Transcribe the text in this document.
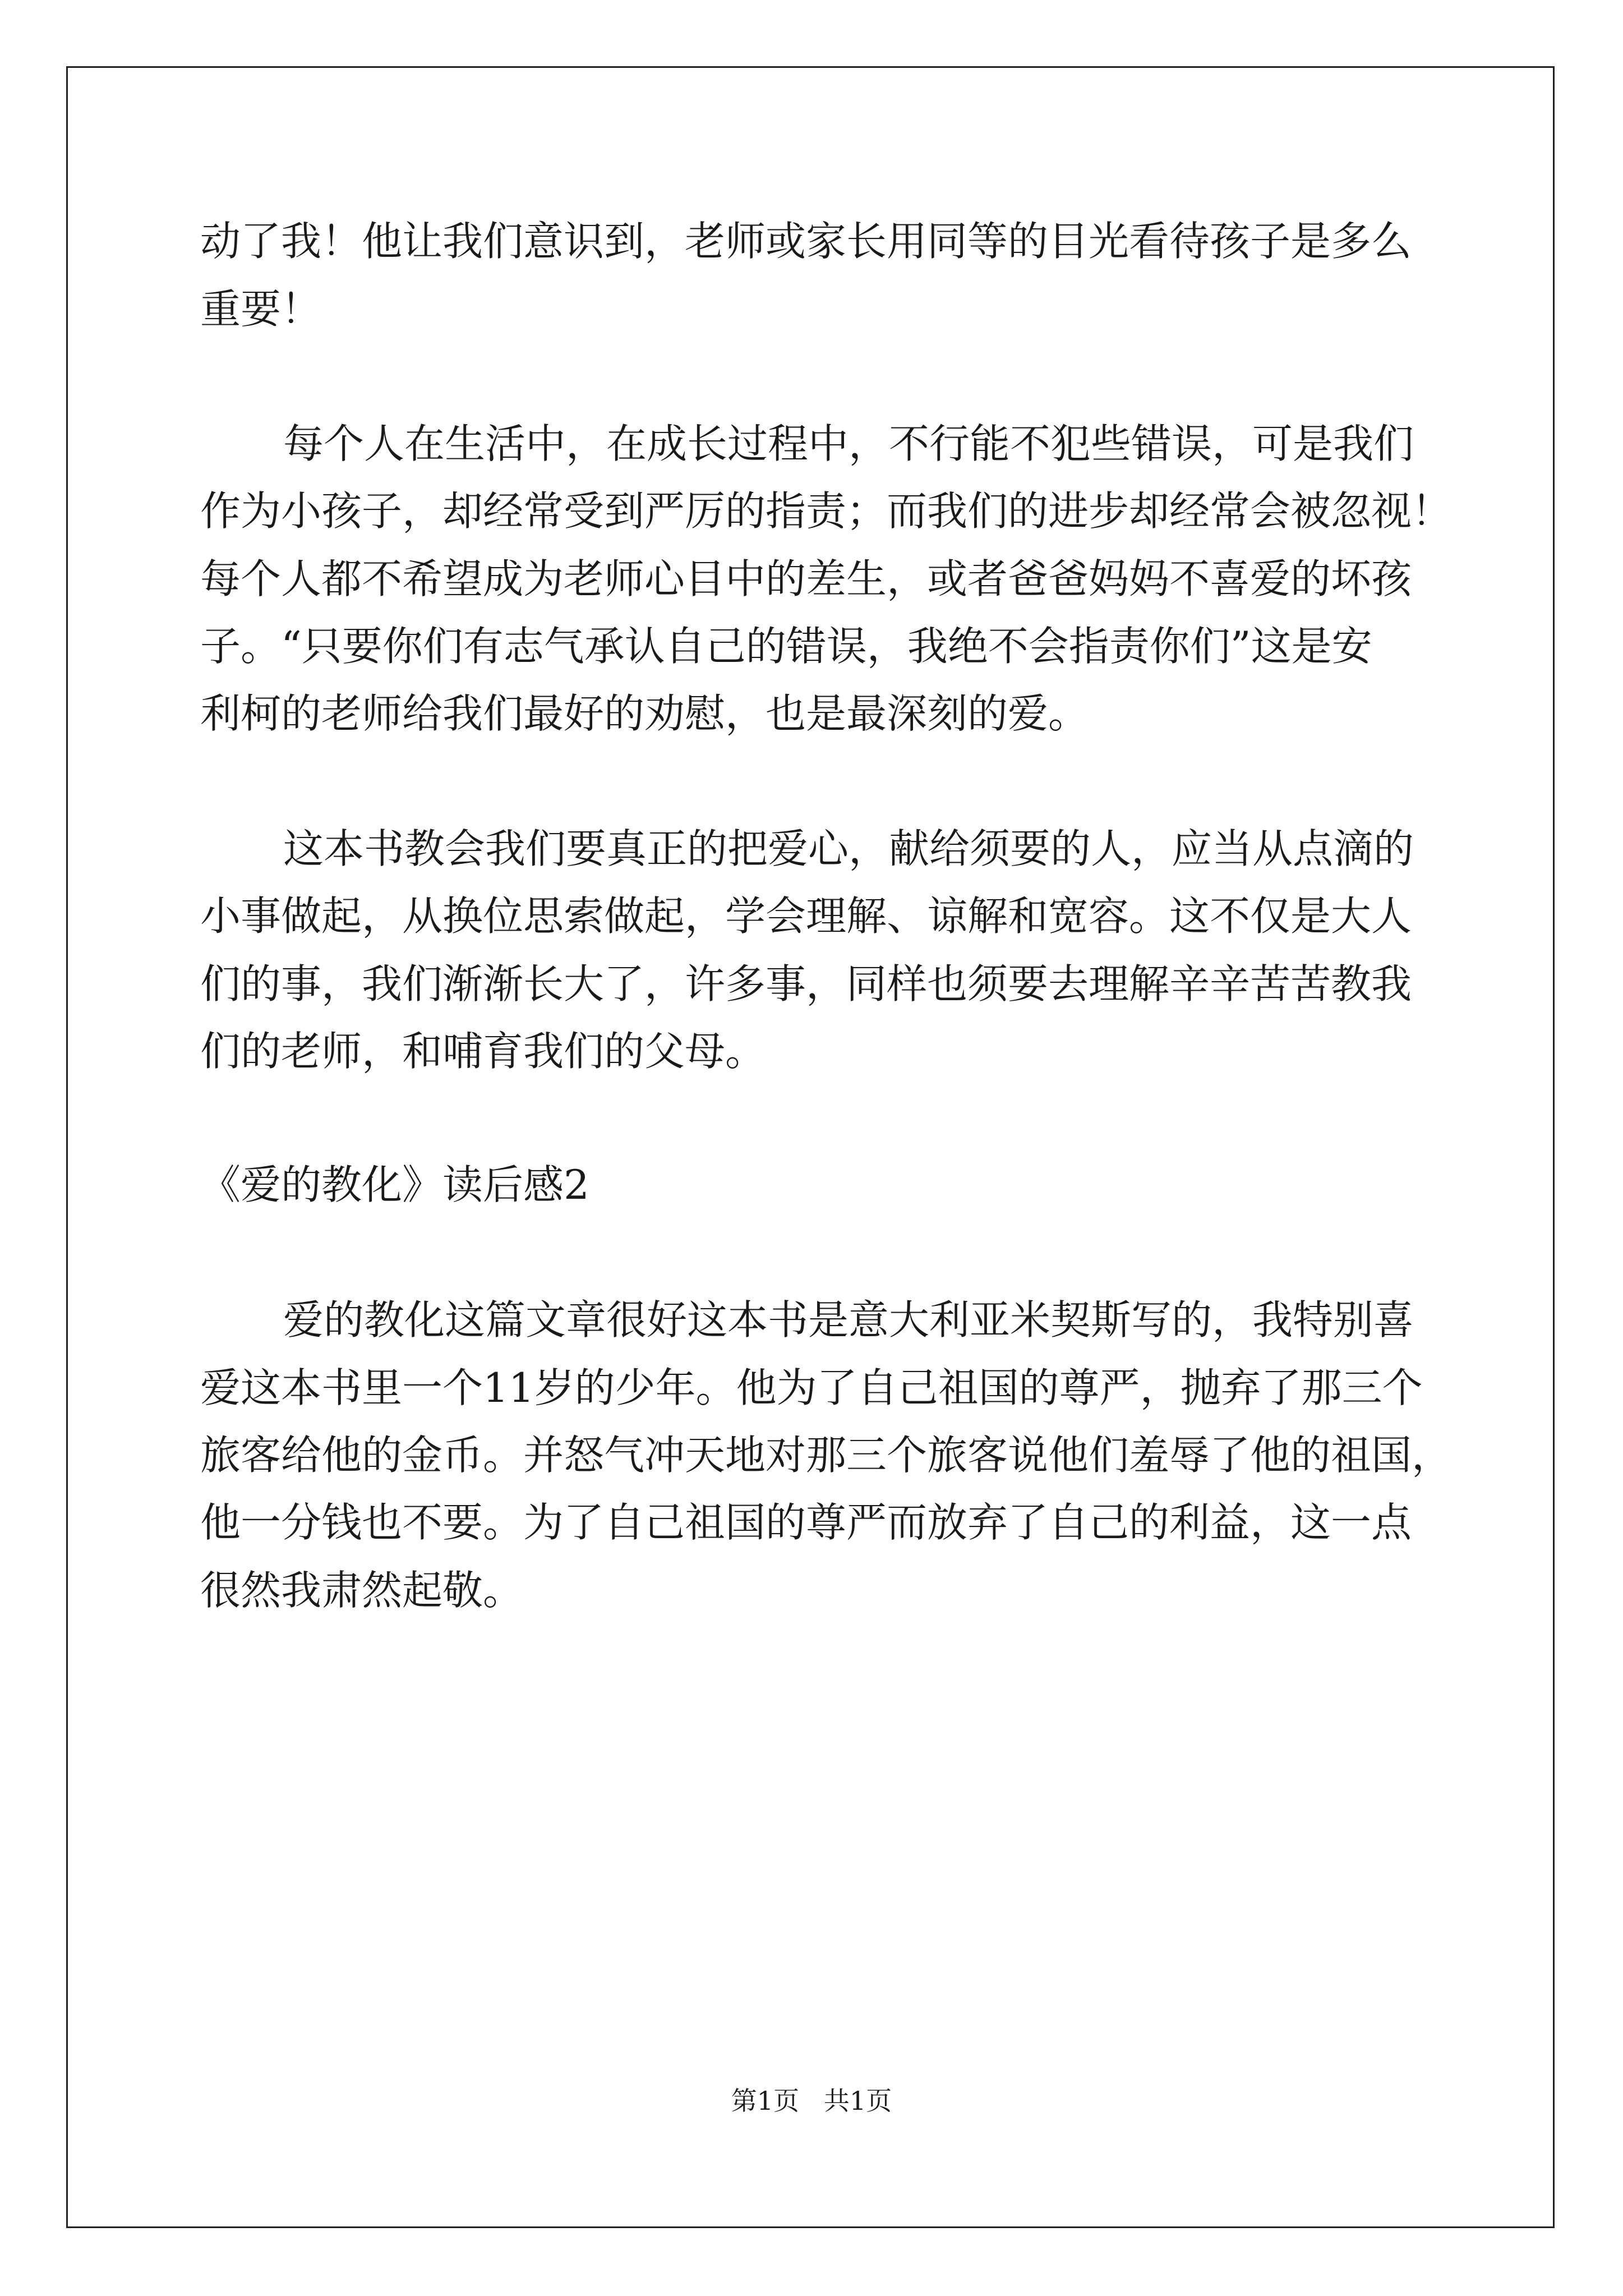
动了我！他让我们意识到，老师或家长用同等的目光看待孩子是多么
重要！
每个人在生活中，在成长过程中，不行能不犯些错误，可是我们
作为小孩子，却经常受到严厉的指责；而我们的进步却经常会被忽视！
每个人都不希望成为老师心目中的差生，或者爸爸妈妈不喜爱的坏孩
子。“只要你们有志气承认自己的错误，我绝不会指责你们”这是安
利柯的老师给我们最好的劝慰，也是最深刻的爱。
这本书教会我们要真正的把爱心，献给须要的人，应当从点滴的
小事做起，从换位思索做起，学会理解、谅解和宽容。这不仅是大人
们的事，我们渐渐长大了，许多事，同样也须要去理解辛辛苦苦教我
们的老师，和哺育我们的父母。
《爱的教化》读后感2
爱的教化这篇文章很好这本书是意大利亚米契斯写的，我特别喜
爱这本书里一个11岁的少年。他为了自己祖国的尊严，抛弃了那三个
旅客给他的金币。并怒气冲天地对那三个旅客说他们羞辱了他的祖国，
他一分钱也不要。为了自己祖国的尊严而放弃了自己的利益，这一点
很然我肃然起敬。
第1页   共1页
